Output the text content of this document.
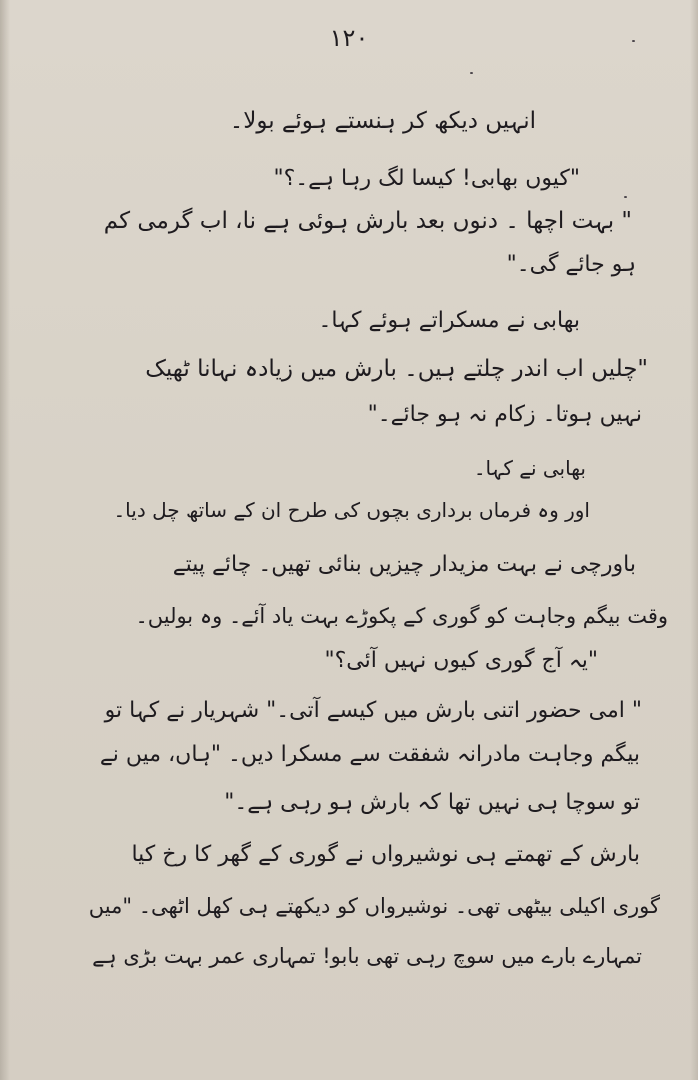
۱۲۰
انہیں دیکھ کر ہنستے ہوئے بولا۔
"کیوں بھابی! کیسا لگ رہا ہے۔؟"
" بہت اچھا ۔ دنوں بعد بارش ہوئی ہے نا، اب گرمی کم
ہو جائے گی۔"
بھابی نے مسکراتے ہوئے کہا۔
"چلیں اب اندر چلتے ہیں۔ بارش میں زیادہ نہانا ٹھیک
نہیں ہوتا۔ زکام نہ ہو جائے۔"
بھابی نے کہا۔
اور وہ فرماں برداری بچوں کی طرح ان کے ساتھ چل دیا۔
باورچی نے بہت مزیدار چیزیں بنائی تھیں۔ چائے پیتے
وقت بیگم وجاہت کو گوری کے پکوڑے بہت یاد آئے۔ وہ بولیں۔
"یہ آج گوری کیوں نہیں آئی؟"
" امی حضور اتنی بارش میں کیسے آتی۔" شہریار نے کہا تو
بیگم وجاہت مادرانہ شفقت سے مسکرا دیں۔ "ہاں، میں نے
تو سوچا ہی نہیں تھا کہ بارش ہو رہی ہے۔"
بارش کے تھمتے ہی نوشیرواں نے گوری کے گھر کا رخ کیا
گوری اکیلی بیٹھی تھی۔ نوشیرواں کو دیکھتے ہی کھل اٹھی۔ "میں
تمہارے بارے میں سوچ رہی تھی بابو! تمہاری عمر بہت بڑی ہے
